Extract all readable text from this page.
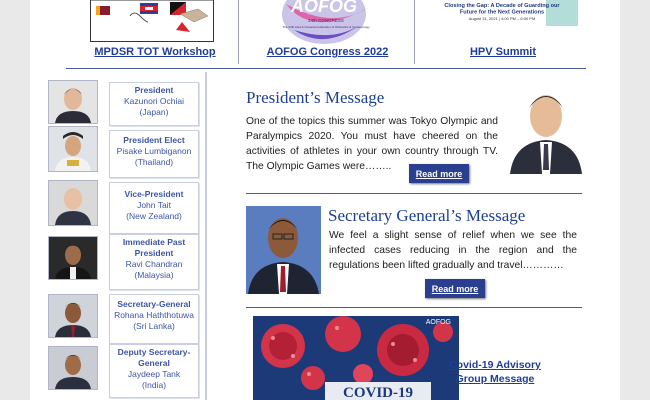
MPDSR TOT Workshop
AOFOG
24th CONGRESS
The 24th Asia & Oceania Federation of Obstetrics & Gynaecology
AOFOG Congress 2022
Closing the Gap: A Decade of Guarding our
Future for the Next Generations
August 31, 2021 | 4:00 PM – 6:00 PM
HPV Summit
President
Kazunori Ochiai
(Japan)
President Elect
Pisake Lumbiganon
(Thailand)
Vice-President
John Tait
(New Zealand)
Immediate Past President
Ravi Chandran
(Malaysia)
Secretary-General
Rohana Haththotuwa
(Sri Lanka)
Deputy Secretary-General
Jaydeep Tank
(India)
President’s Message
One of the topics this summer was Tokyo Olympic and Paralympics 2020. You must have cheered on the activities of athletes in your own country through TV. The Olympic Games were……..
Read more
Secretary General’s Message
We feel a slight sense of relief when we see the infected cases reducing in the region and the regulations been lifted gradually and travel…………
Read more
AOFOG
COVID-19
Covid-19 Advisory Group Message
